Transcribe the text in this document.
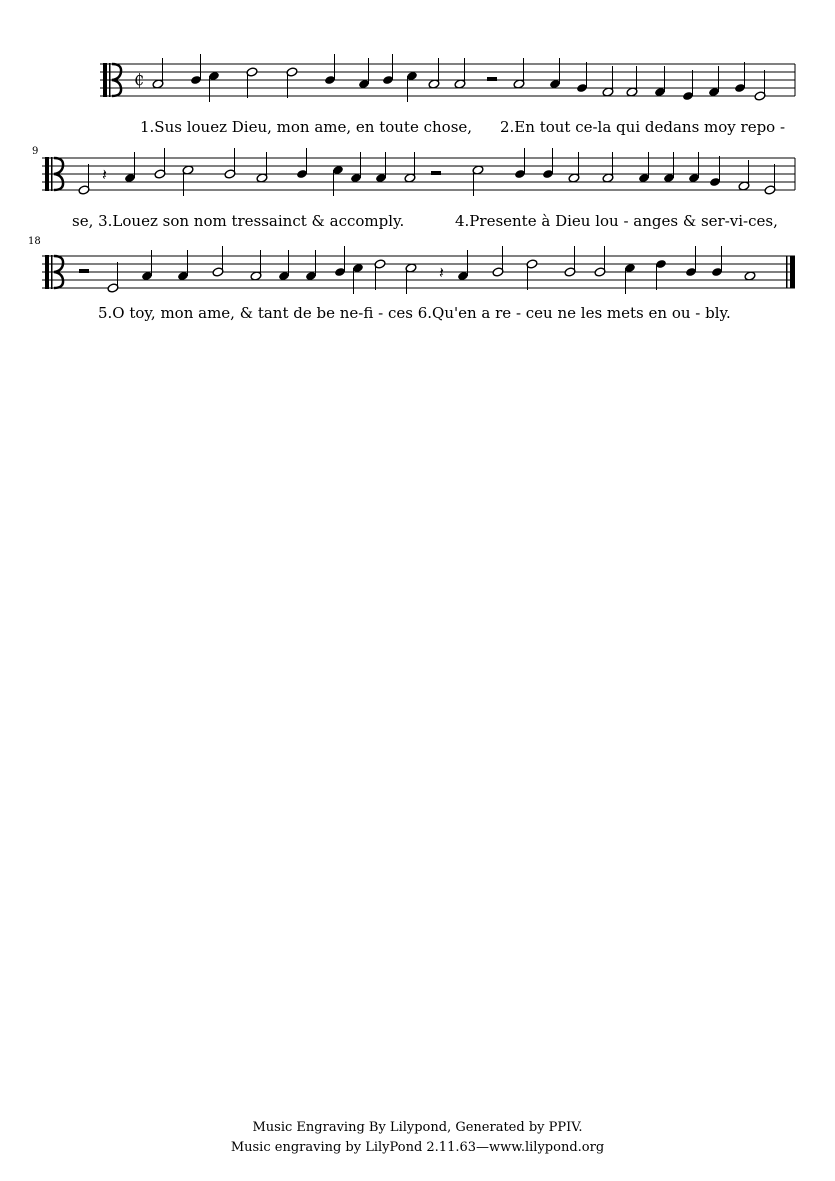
₵
1.Sus louez Dieu, mon ame, en toute chose, 2.En tout ce-la qui dedans moy repo -
9
𝄽
se, 3.Louez son nom tressainct & accomply.	4.Presente à Dieu lou - anges & ser-vi-ces,
18
𝄽
5.O toy, mon ame, & tant de be ne-fi - ces 6.Qu'en a re - ceu ne les mets en ou - bly.
Music Engraving By Lilypond, Generated by PPIV.
Music engraving by LilyPond 2.11.63—www.lilypond.org
